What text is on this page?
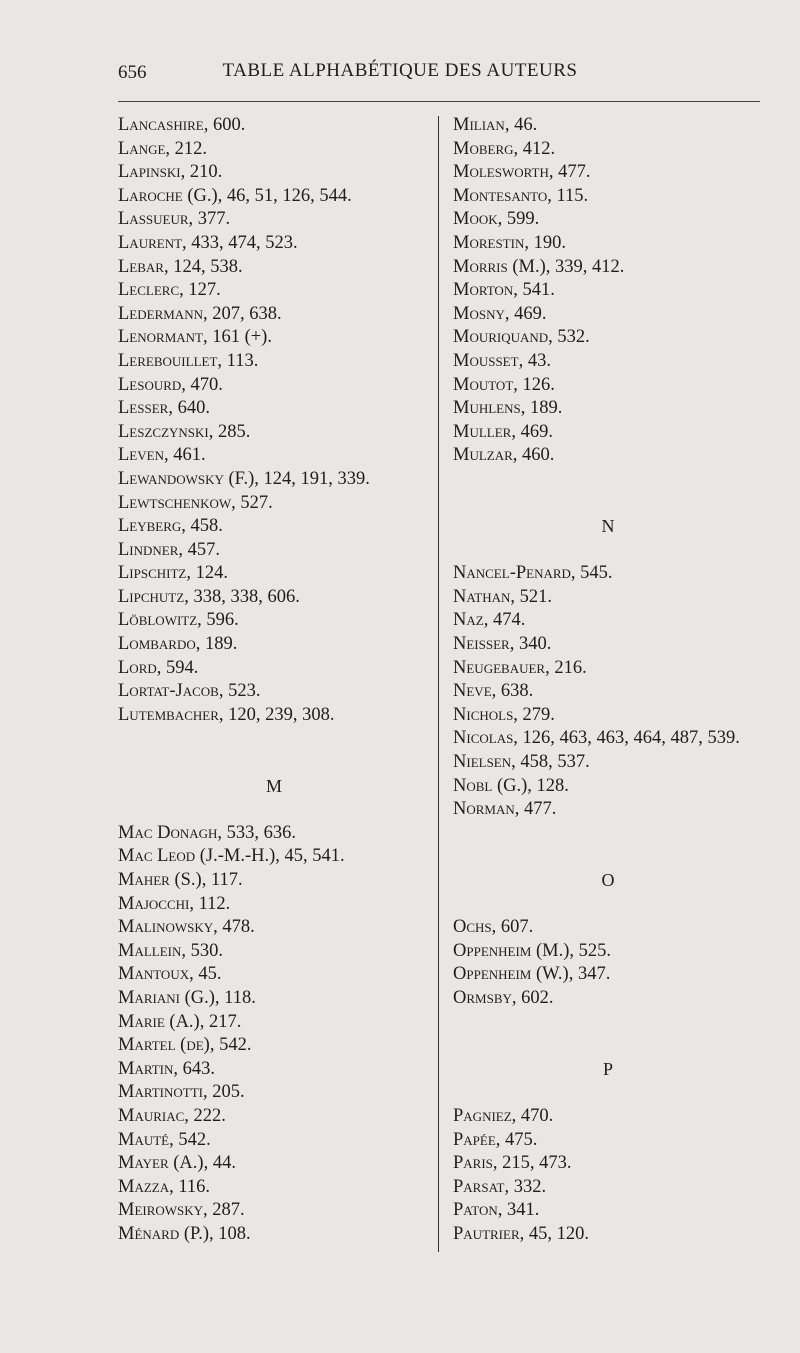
656	TABLE ALPHABÉTIQUE DES AUTEURS
Lancashire, 600.
Lange, 212.
Lapinski, 210.
Laroche (G.), 46, 51, 126, 544.
Lassueur, 377.
Laurent, 433, 474, 523.
Lebar, 124, 538.
Leclerc, 127.
Ledermann, 207, 638.
Lenormant, 161 (+).
Lerebouillet, 113.
Lesourd, 470.
Lesser, 640.
Leszczynski, 285.
Leven, 461.
Lewandowsky (F.), 124, 191, 339.
Lewtschenkow, 527.
Leyberg, 458.
Lindner, 457.
Lipschitz, 124.
Lipchutz, 338, 338, 606.
Löblowitz, 596.
Lombardo, 189.
Lord, 594.
Lortat-Jacob, 523.
Lutembacher, 120, 239, 308.
M
Mac Donagh, 533, 636.
Mac Leod (J.-M.-H.), 45, 541.
Maher (S.), 117.
Majocchi, 112.
Malinowsky, 478.
Mallein, 530.
Mantoux, 45.
Mariani (G.), 118.
Marie (A.), 217.
Martel (de), 542.
Martin, 643.
Martinotti, 205.
Mauriac, 222.
Mauté, 542.
Mayer (A.), 44.
Mazza, 116.
Meirowsky, 287.
Ménard (P.), 108.
Milian, 46.
Moberg, 412.
Molesworth, 477.
Montesanto, 115.
Mook, 599.
Morestin, 190.
Morris (M.), 339, 412.
Morton, 541.
Mosny, 469.
Mouriquand, 532.
Mousset, 43.
Moutot, 126.
Muhlens, 189.
Muller, 469.
Mulzar, 460.
N
Nancel-Penard, 545.
Nathan, 521.
Naz, 474.
Neisser, 340.
Neugebauer, 216.
Neve, 638.
Nichols, 279.
Nicolas, 126, 463, 463, 464, 487, 539.
Nielsen, 458, 537.
Nobl (G.), 128.
Norman, 477.
O
Ochs, 607.
Oppenheim (M.), 525.
Oppenheim (W.), 347.
Ormsby, 602.
P
Pagniez, 470.
Papée, 475.
Paris, 215, 473.
Parsat, 332.
Paton, 341.
Pautrier, 45, 120.
